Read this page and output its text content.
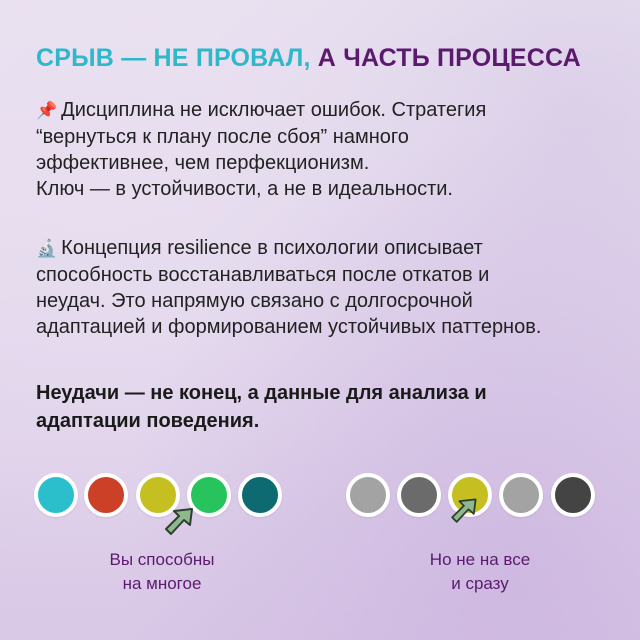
СРЫВ — НЕ ПРОВАЛ, А ЧАСТЬ ПРОЦЕССА

📌 Дисциплина не исключает ошибок. Стратегия

“вернуться к плану после сбоя” намного

эффективнее, чем перфекционизм.

Ключ — в устойчивости, а не в идеальности.

🔬 Концепция resilience в психологии описывает

способность восстанавливаться после откатов и

неудач. Это напрямую связано с долгосрочной

адаптацией и формированием устойчивых паттернов.

Неудачи — не конец, а данные для анализа и

адаптации поведения.

Вы способны

на многое

Но не на все

и сразу
